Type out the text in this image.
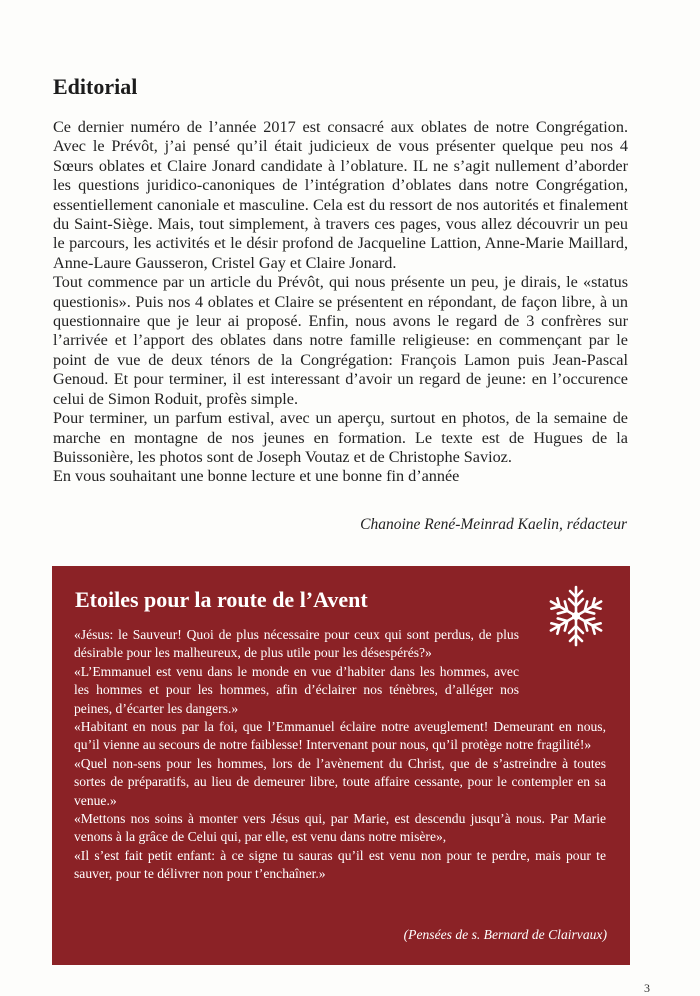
Editorial

Ce dernier numéro de l’année 2017 est consacré aux oblates de notre Congrégation. Avec le Prévôt, j’ai pensé qu’il était judicieux de vous présenter quelque peu nos 4 Sœurs oblates et Claire Jonard candidate à l’oblature. IL ne s’agit nullement d’aborder les questions juridico-canoniques de l’intégration d’oblates dans notre Congrégation, essentiellement canoniale et masculine. Cela est du ressort de nos autorités et finalement du Saint-Siège. Mais, tout simplement, à travers ces pages, vous allez découvrir un peu le parcours, les activités et le désir profond de Jacqueline Lattion, Anne-Marie Maillard, Anne-Laure Gausseron, Cristel Gay et Claire Jonard.

Tout commence par un article du Prévôt, qui nous présente un peu, je dirais, le «status questionis». Puis nos 4 oblates et Claire se présentent en répondant, de façon libre, à un questionnaire que je leur ai proposé. Enfin, nous avons le regard de 3 confrères sur l’arrivée et l’apport des oblates dans notre famille religieuse: en commençant par le point de vue de deux ténors de la Congrégation: François Lamon puis Jean-Pascal Genoud. Et pour terminer, il est interessant d’avoir un regard de jeune: en l’occurence celui de Simon Roduit, profès simple.

Pour terminer, un parfum estival, avec un aperçu, surtout en photos, de la semaine de marche en montagne de nos jeunes en formation. Le texte est de Hugues de la Buissonière, les photos sont de Joseph Voutaz et de Christophe Savioz.

En vous souhaitant une bonne lecture et une bonne fin d’année

Chanoine René-Meinrad Kaelin, rédacteur
Etoiles pour la route de l’Avent

«Jésus: le Sauveur! Quoi de plus nécessaire pour ceux qui sont perdus, de plus désirable pour les malheureux, de plus utile pour les désespérés?»

«L’Emmanuel est venu dans le monde en vue d’habiter dans les hommes, avec les hommes et pour les hommes, afin d’éclairer nos ténèbres, d’alléger nos peines, d’écarter les dangers.»

«Habitant en nous par la foi, que l’Emmanuel éclaire notre aveuglement! Demeurant en nous, qu’il vienne au secours de notre faiblesse! Intervenant pour nous, qu’il protège notre fragilité!»

«Quel non-sens pour les hommes, lors de l’avènement du Christ, que de s’astreindre à toutes sortes de préparatifs, au lieu de demeurer libre, toute affaire cessante, pour le contempler en sa venue.»

«Mettons nos soins à monter vers Jésus qui, par Marie, est descendu jusqu’à nous. Par Marie venons à la grâce de Celui qui, par elle, est venu dans notre misère»,

«Il s’est fait petit enfant: à ce signe tu sauras qu’il est venu non pour te perdre, mais pour te sauver, pour te délivrer non pour t’enchaîner.»

(Pensées de s. Bernard de Clairvaux)
3
